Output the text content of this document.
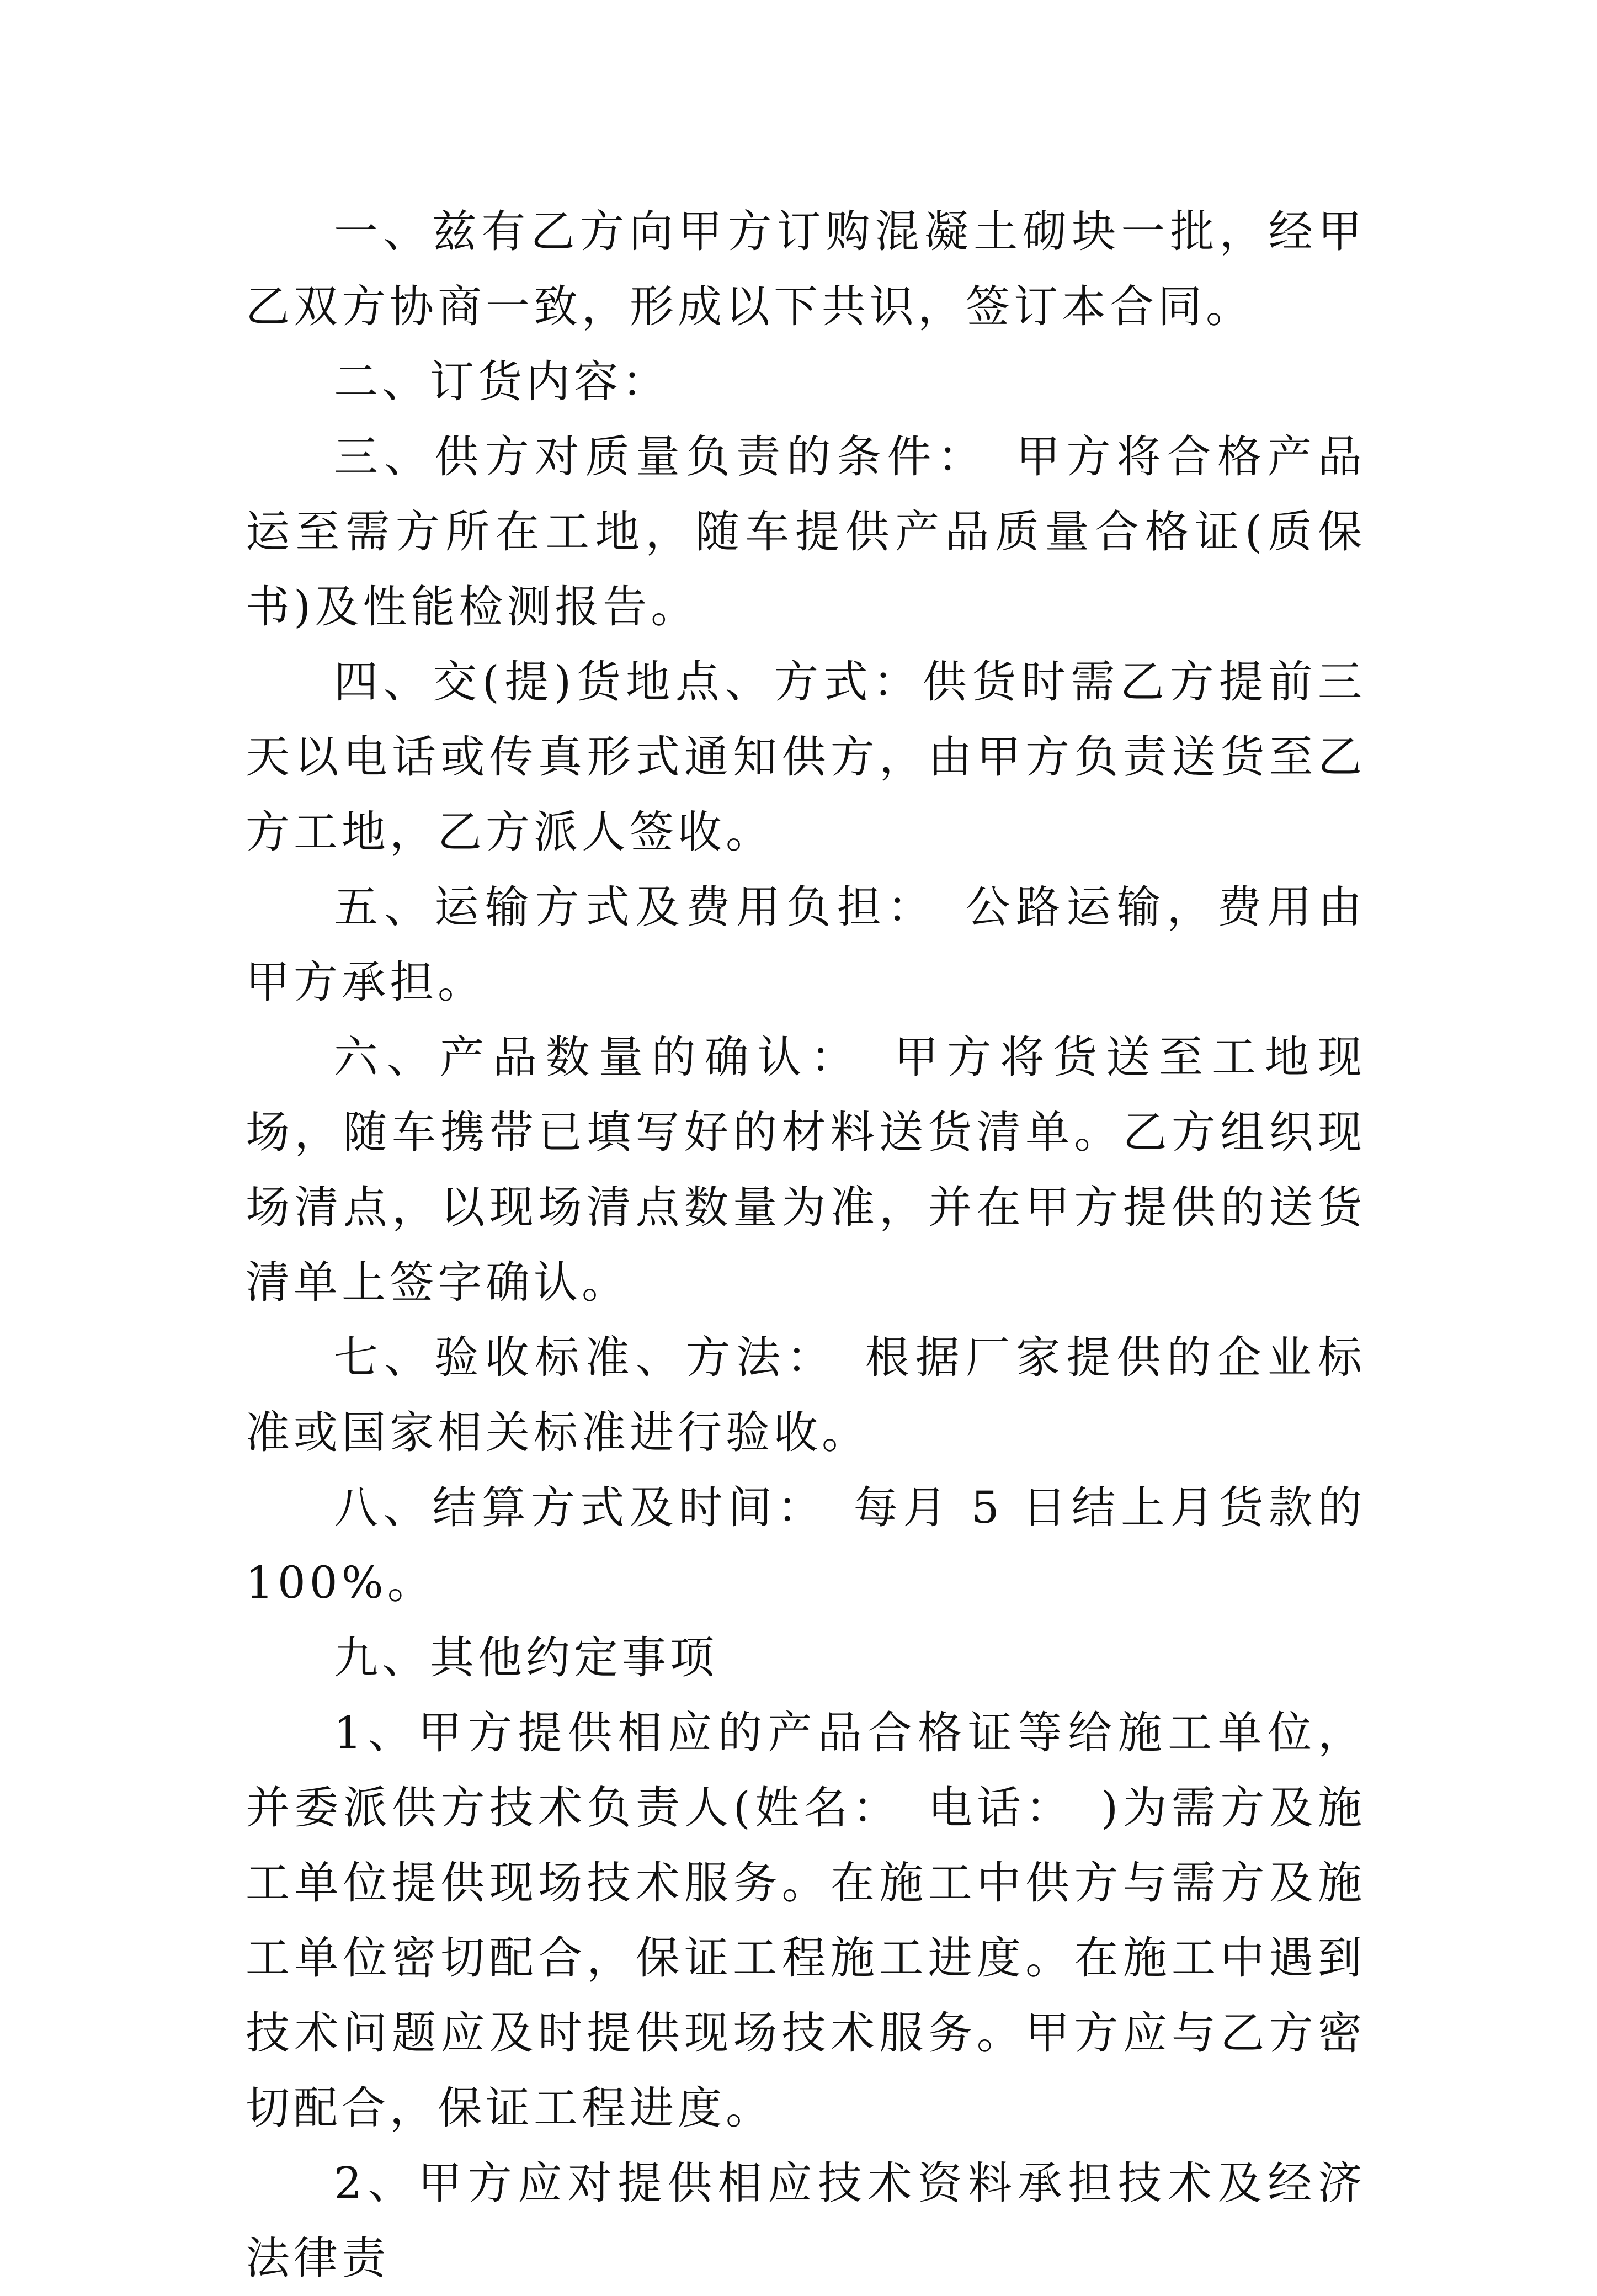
一、兹有乙方向甲方订购混凝土砌块一批，经甲乙双方协商一致，形成以下共识，签订本合同。

二、订货内容：

三、供方对质量负责的条件：　甲方将合格产品运至需方所在工地，随车提供产品质量合格证(质保书)及性能检测报告。

四、交(提)货地点、方式：供货时需乙方提前三天以电话或传真形式通知供方，由甲方负责送货至乙方工地，乙方派人签收。

五、运输方式及费用负担：　公路运输，费用由甲方承担。

六、产品数量的确认：　甲方将货送至工地现场，随车携带已填写好的材料送货清单。乙方组织现场清点，以现场清点数量为准，并在甲方提供的送货清单上签字确认。

七、验收标准、方法：　根据厂家提供的企业标准或国家相关标准进行验收。

八、结算方式及时间：　每月 5 日结上月货款的 100%。

九、其他约定事项

1、甲方提供相应的产品合格证等给施工单位，并委派供方技术负责人(姓名：　电话：　)为需方及施工单位提供现场技术服务。在施工中供方与需方及施工单位密切配合，保证工程施工进度。在施工中遇到技术问题应及时提供现场技术服务。甲方应与乙方密切配合，保证工程进度。

2、甲方应对提供相应技术资料承担技术及经济法律责
